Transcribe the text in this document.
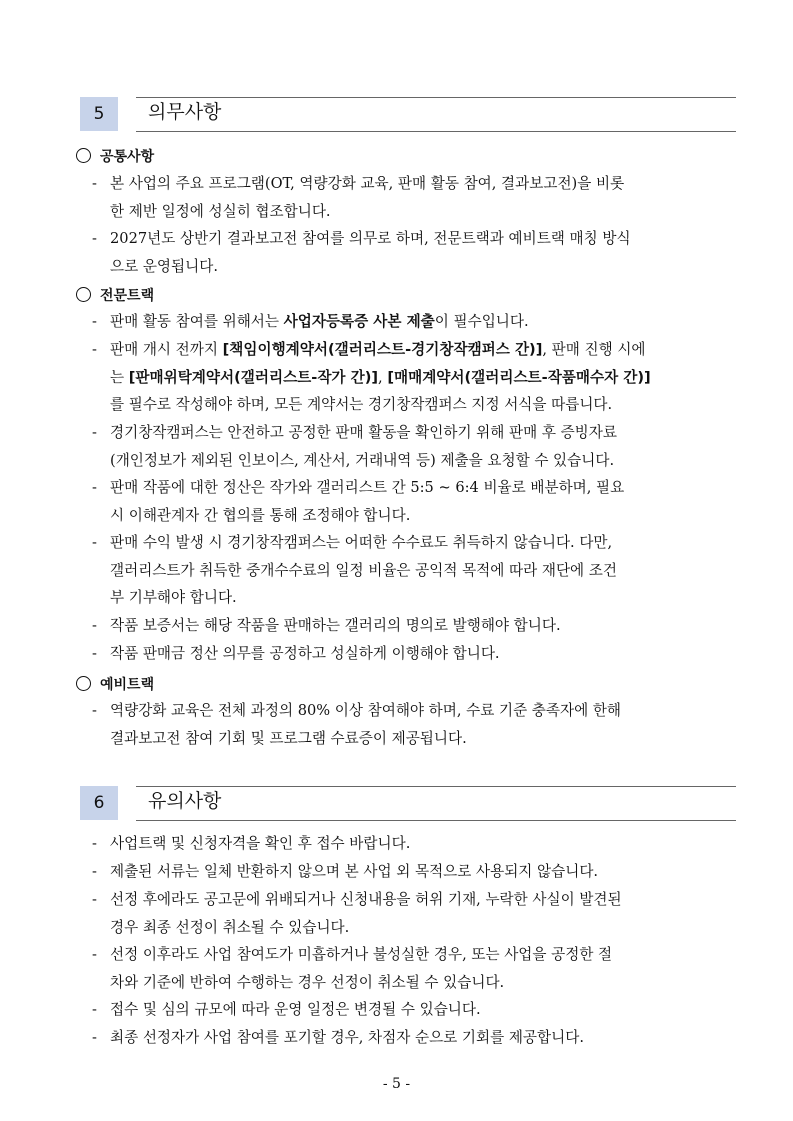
5	의무사항
공통사항
- 본 사업의 주요 프로그램(OT, 역량강화 교육, 판매 활동 참여, 결과보고전)을 비롯
한 제반 일정에 성실히 협조합니다.
- 2027년도 상반기 결과보고전 참여를 의무로 하며, 전문트랙과 예비트랙 매칭 방식
으로 운영됩니다.
전문트랙
- 판매 활동 참여를 위해서는 사업자등록증 사본 제출이 필수입니다.
- 판매 개시 전까지 [책임이행계약서(갤러리스트-경기창작캠퍼스 간)], 판매 진행 시에
는 [판매위탁계약서(갤러리스트-작가 간)], [매매계약서(갤러리스트-작품매수자 간)]
를 필수로 작성해야 하며, 모든 계약서는 경기창작캠퍼스 지정 서식을 따릅니다.
- 경기창작캠퍼스는 안전하고 공정한 판매 활동을 확인하기 위해 판매 후 증빙자료
(개인정보가 제외된 인보이스, 계산서, 거래내역 등) 제출을 요청할 수 있습니다.
- 판매 작품에 대한 정산은 작가와 갤러리스트 간 5:5 ~ 6:4 비율로 배분하며, 필요
시 이해관계자 간 협의를 통해 조정해야 합니다.
- 판매 수익 발생 시 경기창작캠퍼스는 어떠한 수수료도 취득하지 않습니다. 다만,
갤러리스트가 취득한 중개수수료의 일정 비율은 공익적 목적에 따라 재단에 조건
부 기부해야 합니다.
- 작품 보증서는 해당 작품을 판매하는 갤러리의 명의로 발행해야 합니다.
- 작품 판매금 정산 의무를 공정하고 성실하게 이행해야 합니다.
예비트랙
- 역량강화 교육은 전체 과정의 80% 이상 참여해야 하며, 수료 기준 충족자에 한해
결과보고전 참여 기회 및 프로그램 수료증이 제공됩니다.
6	유의사항
- 사업트랙 및 신청자격을 확인 후 접수 바랍니다.
- 제출된 서류는 일체 반환하지 않으며 본 사업 외 목적으로 사용되지 않습니다.
- 선정 후에라도 공고문에 위배되거나 신청내용을 허위 기재, 누락한 사실이 발견된
경우 최종 선정이 취소될 수 있습니다.
- 선정 이후라도 사업 참여도가 미흡하거나 불성실한 경우, 또는 사업을 공정한 절
차와 기준에 반하여 수행하는 경우 선정이 취소될 수 있습니다.
- 접수 및 심의 규모에 따라 운영 일정은 변경될 수 있습니다.
- 최종 선정자가 사업 참여를 포기할 경우, 차점자 순으로 기회를 제공합니다.
- 5 -
